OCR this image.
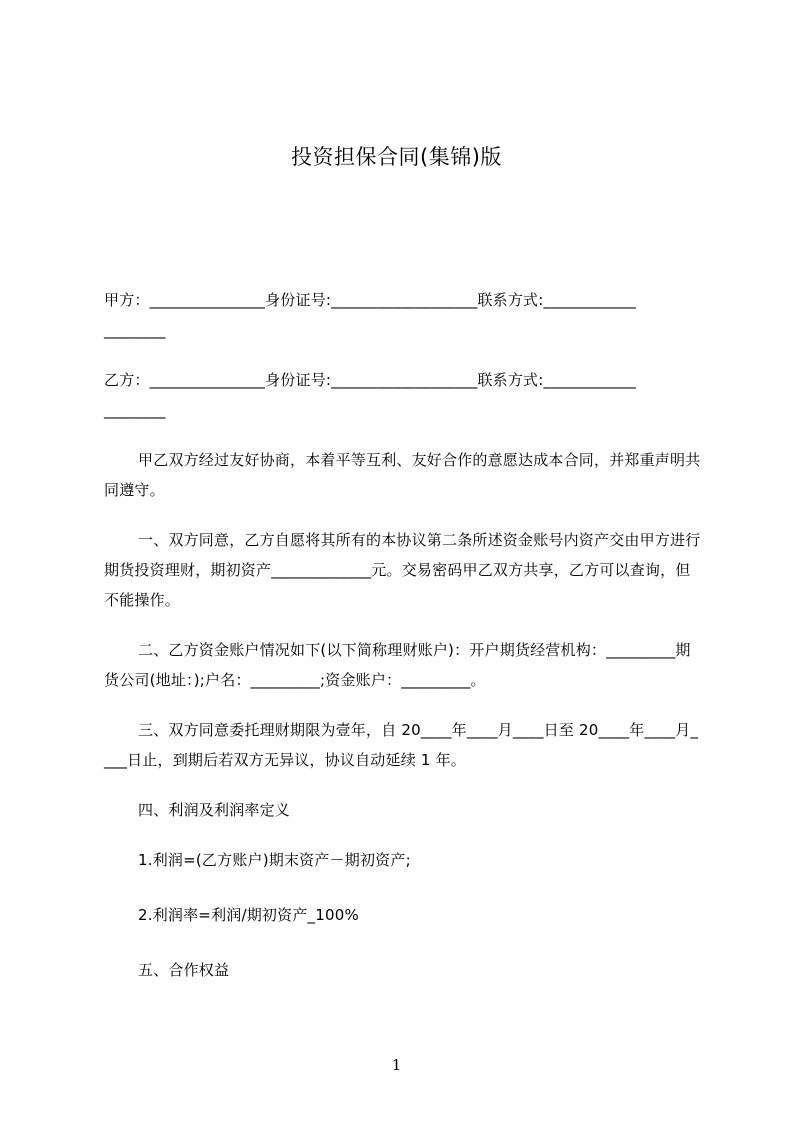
投资担保合同(集锦)版
甲方：_______________身份证号:___________________联系方式:____________
________
乙方：_______________身份证号:___________________联系方式:____________
________
甲乙双方经过友好协商，本着平等互利、友好合作的意愿达成本合同，并郑重声明共同遵守。
一、双方同意，乙方自愿将其所有的本协议第二条所述资金账号内资产交由甲方进行期货投资理财，期初资产_____________元。交易密码甲乙双方共享，乙方可以查询，但不能操作。
二、乙方资金账户情况如下(以下简称理财账户)：开户期货经营机构：_________期货公司(地址：);户名：_________;资金账户：_________。
三、双方同意委托理财期限为壹年，自 20____年____月____日至 20____年____月____日止，到期后若双方无异议，协议自动延续 1 年。
四、利润及利润率定义
1.利润=(乙方账户)期末资产－期初资产;
2.利润率=利润/期初资产_100%
五、合作权益
1
